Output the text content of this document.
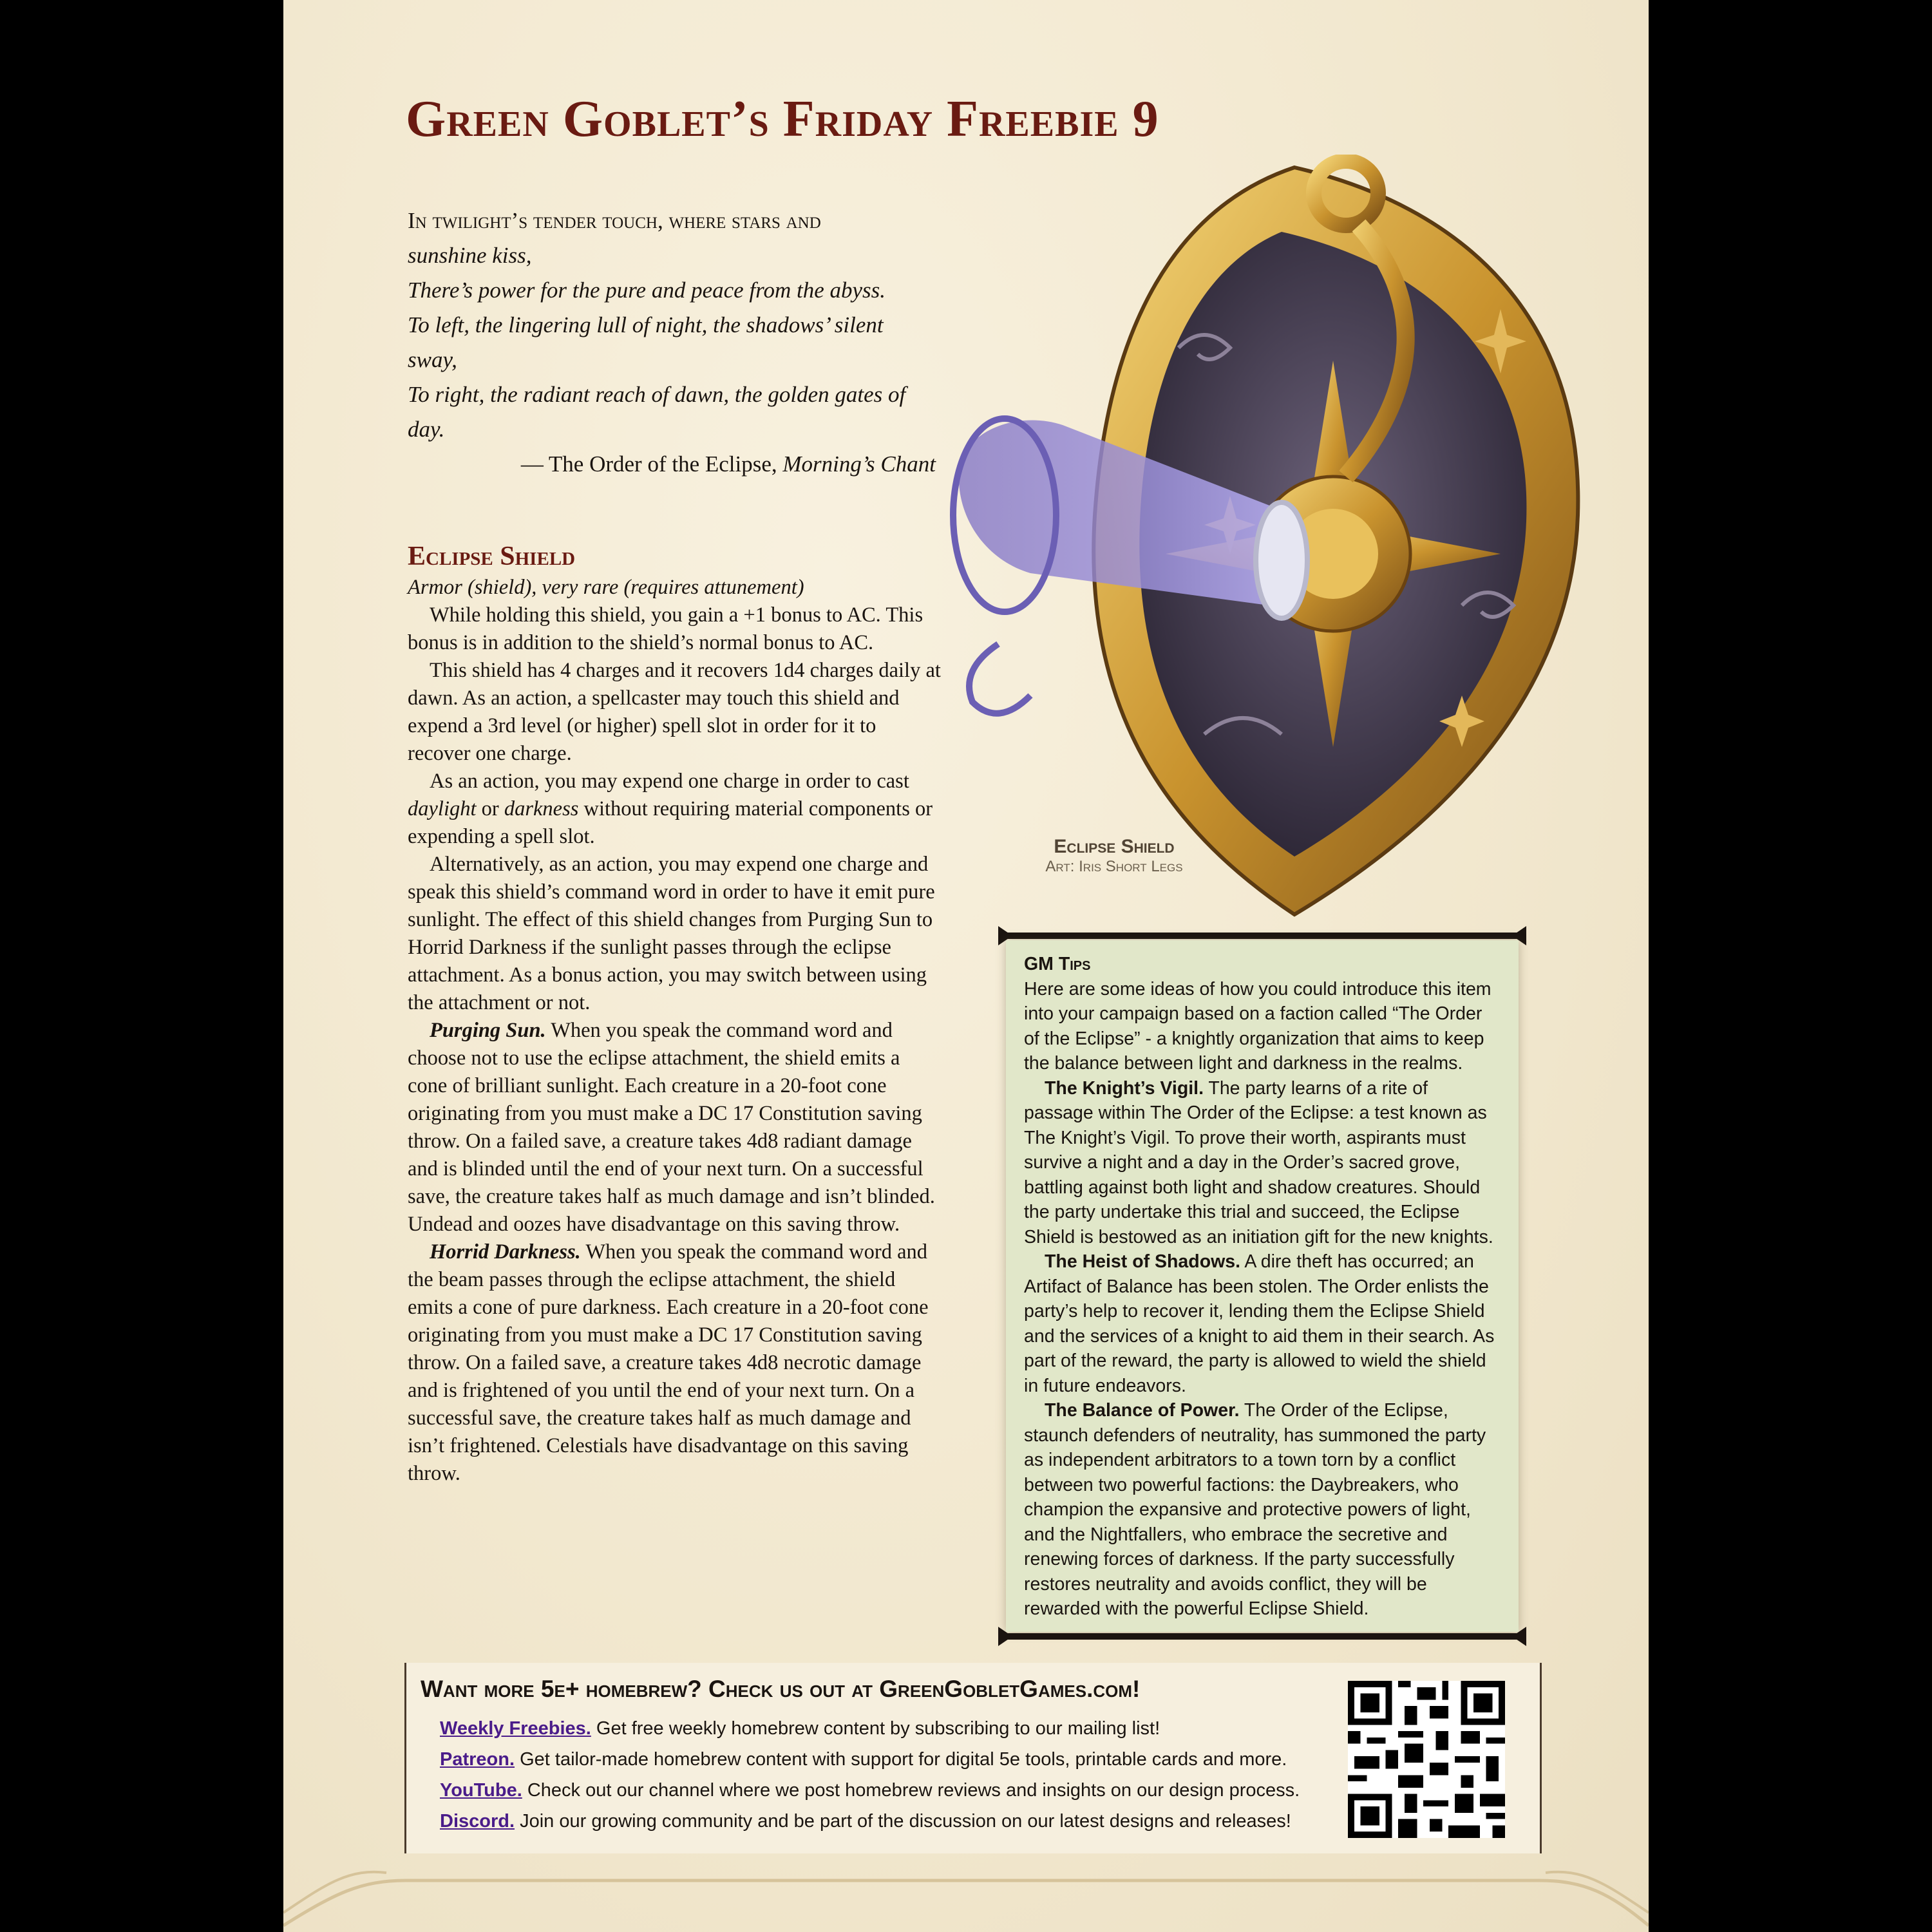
Green Goblet’s Friday Freebie 9
In twilight’s tender touch, where stars and
sunshine kiss,
There’s power for the pure and peace from the abyss.
To left, the lingering lull of night, the shadows’ silent sway,
To right, the radiant reach of dawn, the golden gates of day.
— The Order of the Eclipse, Morning’s Chant
Eclipse Shield

Armor (shield), very rare (requires attunement)

While holding this shield, you gain a +1 bonus to AC. This bonus is in addition to the shield’s normal bonus to AC.

This shield has 4 charges and it recovers 1d4 charges daily at dawn. As an action, a spellcaster may touch this shield and expend a 3rd level (or higher) spell slot in order for it to recover one charge.

As an action, you may expend one charge in order to cast daylight or darkness without requiring material components or expending a spell slot.

Alternatively, as an action, you may expend one charge and speak this shield’s command word in order to have it emit pure sunlight. The effect of this shield changes from Purging Sun to Horrid Darkness if the sunlight passes through the eclipse attachment. As a bonus action, you may switch between using the attachment or not.

Purging Sun. When you speak the command word and choose not to use the eclipse attachment, the shield emits a cone of brilliant sunlight. Each creature in a 20-foot cone originating from you must make a DC 17 Constitution saving throw. On a failed save, a creature takes 4d8 radiant damage and is blinded until the end of your next turn. On a successful save, the creature takes half as much damage and isn’t blinded. Undead and oozes have disadvantage on this saving throw.

Horrid Darkness. When you speak the command word and the beam passes through the eclipse attachment, the shield emits a cone of pure darkness. Each creature in a 20-foot cone originating from you must make a DC 17 Constitution saving throw. On a failed save, a creature takes 4d8 necrotic damage and is frightened of you until the end of your next turn. On a successful save, the creature takes half as much damage and isn’t frightened. Celestials have disadvantage on this saving throw.

Eclipse Shield

Art: Iris Short Legs

GM Tips

Here are some ideas of how you could introduce this item into your campaign based on a faction called “The Order of the Eclipse” - a knightly organization that aims to keep the balance between light and darkness in the realms.

The Knight’s Vigil. The party learns of a rite of passage within The Order of the Eclipse: a test known as The Knight’s Vigil. To prove their worth, aspirants must survive a night and a day in the Order’s sacred grove, battling against both light and shadow creatures. Should the party undertake this trial and succeed, the Eclipse Shield is bestowed as an initiation gift for the new knights.

The Heist of Shadows. A dire theft has occurred; an Artifact of Balance has been stolen. The Order enlists the party’s help to recover it, lending them the Eclipse Shield and the services of a knight to aid them in their search. As part of the reward, the party is allowed to wield the shield in future endeavors.

The Balance of Power. The Order of the Eclipse, staunch defenders of neutrality, has summoned the party as independent arbitrators to a town torn by a conflict between two powerful factions: the Daybreakers, who champion the expansive and protective powers of light, and the Nightfallers, who embrace the secretive and renewing forces of darkness. If the party successfully restores neutrality and avoids conflict, they will be rewarded with the powerful Eclipse Shield.

Want more 5e+ homebrew? Check us out at GreenGobletGames.com!

Weekly Freebies. Get free weekly homebrew content by subscribing to our mailing list!

Patreon. Get tailor-made homebrew content with support for digital 5e tools, printable cards and more.

YouTube. Check out our channel where we post homebrew reviews and insights on our design process.

Discord. Join our growing community and be part of the discussion on our latest designs and releases!
